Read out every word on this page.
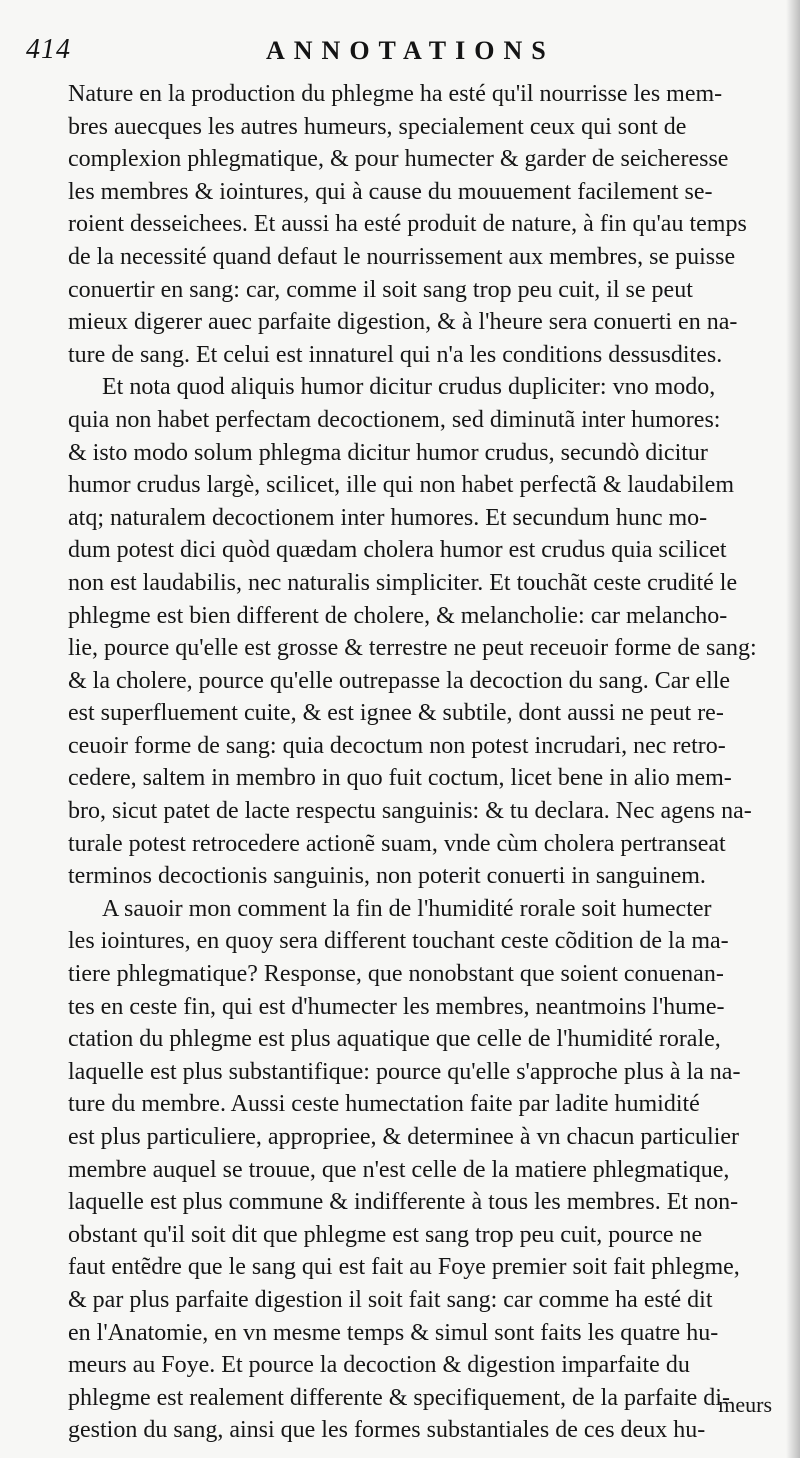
414	ANNOTATIONS
Nature en la production du phlegme ha esté qu'il nourrisse les mem-
bres auecques les autres humeurs, specialement ceux qui sont de
complexion phlegmatique, & pour humecter & garder de seicheresse
les membres & iointures, qui à cause du mouuement facilement se-
roient desseichees. Et aussi ha esté produit de nature, à fin qu'au temps
de la necessité quand defaut le nourrissement aux membres, se puisse
conuertir en sang: car, comme il soit sang trop peu cuit, il se peut
mieux digerer auec parfaite digestion, & à l'heure sera conuerti en na-
ture de sang. Et celui est innaturel qui n'a les conditions dessusdites.
Et nota quod aliquis humor dicitur crudus dupliciter: vno modo,
quia non habet perfectam decoctionem, sed diminutã inter humores:
& isto modo solum phlegma dicitur humor crudus, secundò dicitur
humor crudus largè, scilicet, ille qui non habet perfectã & laudabilem
atq; naturalem decoctionem inter humores. Et secundum hunc mo-
dum potest dici quòd quædam cholera humor est crudus quia scilicet
non est laudabilis, nec naturalis simpliciter. Et touchãt ceste crudité le
phlegme est bien different de cholere, & melancholie: car melancho-
lie, pource qu'elle est grosse & terrestre ne peut receuoir forme de sang:
& la cholere, pource qu'elle outrepasse la decoction du sang. Car elle
est superfluement cuite, & est ignee & subtile, dont aussi ne peut re-
ceuoir forme de sang: quia decoctum non potest incrudari, nec retro-
cedere, saltem in membro in quo fuit coctum, licet bene in alio mem-
bro, sicut patet de lacte respectu sanguinis: & tu declara. Nec agens na-
turale potest retrocedere actionẽ suam, vnde cùm cholera pertranseat
terminos decoctionis sanguinis, non poterit conuerti in sanguinem.
A sauoir mon comment la fin de l'humidité rorale soit humecter
les iointures, en quoy sera different touchant ceste cõdition de la ma-
tiere phlegmatique? Response, que nonobstant que soient conuenan-
tes en ceste fin, qui est d'humecter les membres, neantmoins l'hume-
ctation du phlegme est plus aquatique que celle de l'humidité rorale,
laquelle est plus substantifique: pource qu'elle s'approche plus à la na-
ture du membre. Aussi ceste humectation faite par ladite humidité
est plus particuliere, appropriee, & determinee à vn chacun particulier
membre auquel se trouue, que n'est celle de la matiere phlegmatique,
laquelle est plus commune & indifferente à tous les membres. Et non-
obstant qu'il soit dit que phlegme est sang trop peu cuit, pource ne
faut entẽdre que le sang qui est fait au Foye premier soit fait phlegme,
& par plus parfaite digestion il soit fait sang: car comme ha esté dit
en l'Anatomie, en vn mesme temps & simul sont faits les quatre hu-
meurs au Foye. Et pource la decoction & digestion imparfaite du
phlegme est realement differente & specifiquement, de la parfaite di-
gestion du sang, ainsi que les formes substantiales de ces deux hu-
meurs
